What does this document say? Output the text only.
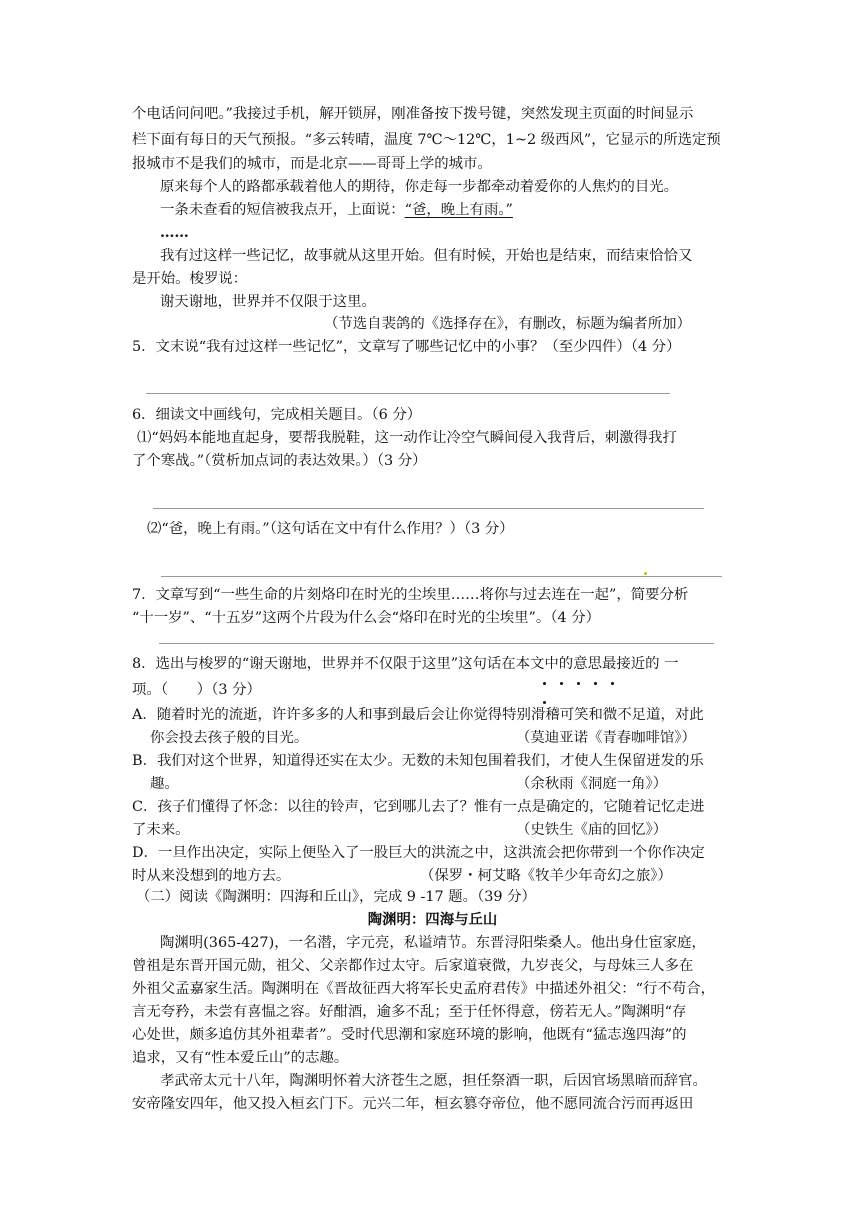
个电话问问吧。”我接过手机，解开锁屏，刚准备按下拨号键，突然发现主页面的时间显示
栏下面有每日的天气预报。“多云转晴，温度 7℃～12℃，1~2 级西风”，它显示的所选定预
报城市不是我们的城市，而是北京——哥哥上学的城市。
原来每个人的路都承载着他人的期待，你走每一步都牵动着爱你的人焦灼的目光。
一条未查看的短信被我点开，上面说：“爸，晚上有雨。”
……
我有过这样一些记忆，故事就从这里开始。但有时候，开始也是结束，而结束恰恰又
是开始。梭罗说：
谢天谢地，世界并不仅限于这里。
（节选自裴鸽的《选择存在》，有删改，标题为编者所加）
5．文末说“我有过这样一些记忆”，文章写了哪些记忆中的小事？（至少四件）（4 分）
6．细读文中画线句，完成相关题目。（6 分）
⑴“妈妈本能地直起身，要帮我脱鞋，这一动作让冷空气瞬间侵入我背后，刺激得我打
了个寒战。”（赏析加点词的表达效果。）（3 分）
⑵“爸，晚上有雨。”（这句话在文中有什么作用？）（3 分）
7．文章写到“一些生命的片刻烙印在时光的尘埃里……将你与过去连在一起”，简要分析
“十一岁”、“十五岁”这两个片段为什么会“烙印在时光的尘埃里”。（4 分）
8．选出与梭罗的“谢天谢地，世界并不仅限于这里”这句话在本文中的意思最接近的 一
项。（　　）（3 分）
A．随着时光的流逝，许许多多的人和事到最后会让你觉得特别滑稽可笑和微不足道，对此
你会投去孩子般的目光。	（莫迪亚诺《青春咖啡馆》）
B．我们对这个世界，知道得还实在太少。无数的未知包围着我们，才使人生保留迸发的乐
趣。	（余秋雨《洞庭一角》）
C．孩子们懂得了怀念：以往的铃声，它到哪儿去了？惟有一点是确定的，它随着记忆走进
了未来。	（史铁生《庙的回忆》）
D．一旦作出决定，实际上便坠入了一股巨大的洪流之中，这洪流会把你带到一个你作决定
时从来没想到的地方去。	（保罗・柯艾略《牧羊少年奇幻之旅》）
（二）阅读《陶渊明：四海和丘山》，完成 9 -17 题。（39 分）
陶渊明：四海与丘山
陶渊明(365-427)，一名潜，字元亮，私谥靖节。东晋浔阳柴桑人。他出身仕宦家庭，
曾祖是东晋开国元勋，祖父、父亲都作过太守。后家道衰微，九岁丧父，与母妹三人多在
外祖父孟嘉家生活。陶渊明在《晋故征西大将军长史孟府君传》中描述外祖父：“行不苟合，
言无夸矜，未尝有喜愠之容。好酣酒，逾多不乱；至于任怀得意，傍若无人。”陶渊明“存
心处世，颇多追仿其外祖辈者”。受时代思潮和家庭环境的影响，他既有“猛志逸四海”的
追求，又有“性本爱丘山”的志趣。
孝武帝太元十八年，陶渊明怀着大济苍生之愿，担任祭酒一职，后因官场黑暗而辞官。
安帝隆安四年，他又投入桓玄门下。元兴二年，桓玄篡夺帝位，他不愿同流合污而再返田
